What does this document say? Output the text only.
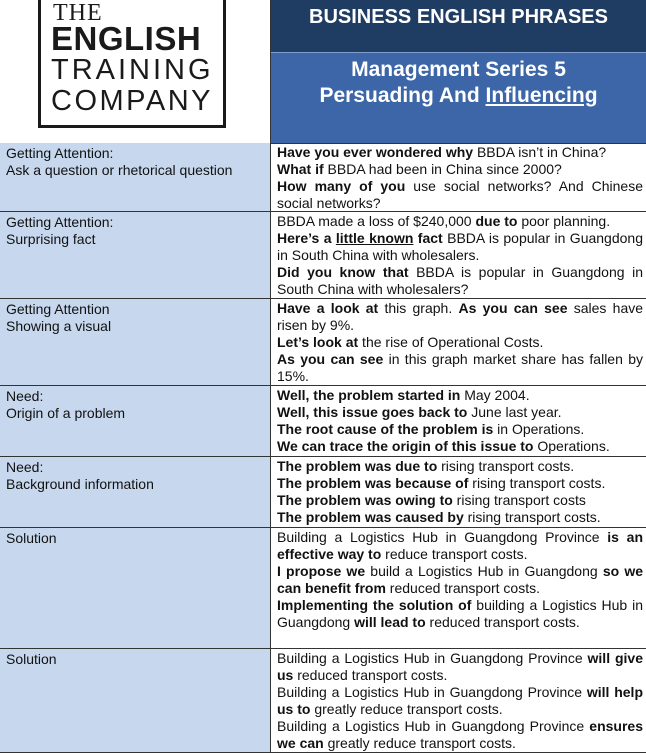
THE
ENGLISH
TRAINING
COMPANY
BUSINESS ENGLISH PHRASES
Management Series 5
Persuading And Influencing
Getting Attention:
Ask a question or rhetorical question

Have you ever wondered why BBDA isn’t in China?

What if BBDA had been in China since 2000?

How many of you use social networks? And Chinese social networks?

Getting Attention:
Surprising fact

BBDA made a loss of $240,000 due to poor planning.

Here’s a little known fact BBDA is popular in Guangdong in South China with wholesalers.

Did you know that BBDA is popular in Guangdong in South China with wholesalers?

Getting Attention
Showing a visual

Have a look at this graph. As you can see sales have risen by 9%.

Let’s look at the rise of Operational Costs.

As you can see in this graph market share has fallen by 15%.

Need:
Origin of a problem

Well, the problem started in May 2004.

Well, this issue goes back to June last year.

The root cause of the problem is in Operations.

We can trace the origin of this issue to Operations.

Need:
Background information

The problem was due to rising transport costs.

The problem was because of rising transport costs.

The problem was owing to rising transport costs

The problem was caused by rising transport costs.

Solution	Building a Logistics Hub in Guangdong Province is an effective way to reduce transport costs.

I propose we build a Logistics Hub in Guangdong so we can benefit from reduced transport costs.

Implementing the solution of building a Logistics Hub in Guangdong will lead to reduced transport costs.

Solution	Building a Logistics Hub in Guangdong Province will give us reduced transport costs.

Building a Logistics Hub in Guangdong Province will help us to greatly reduce transport costs.

Building a Logistics Hub in Guangdong Province ensures we can greatly reduce transport costs.
